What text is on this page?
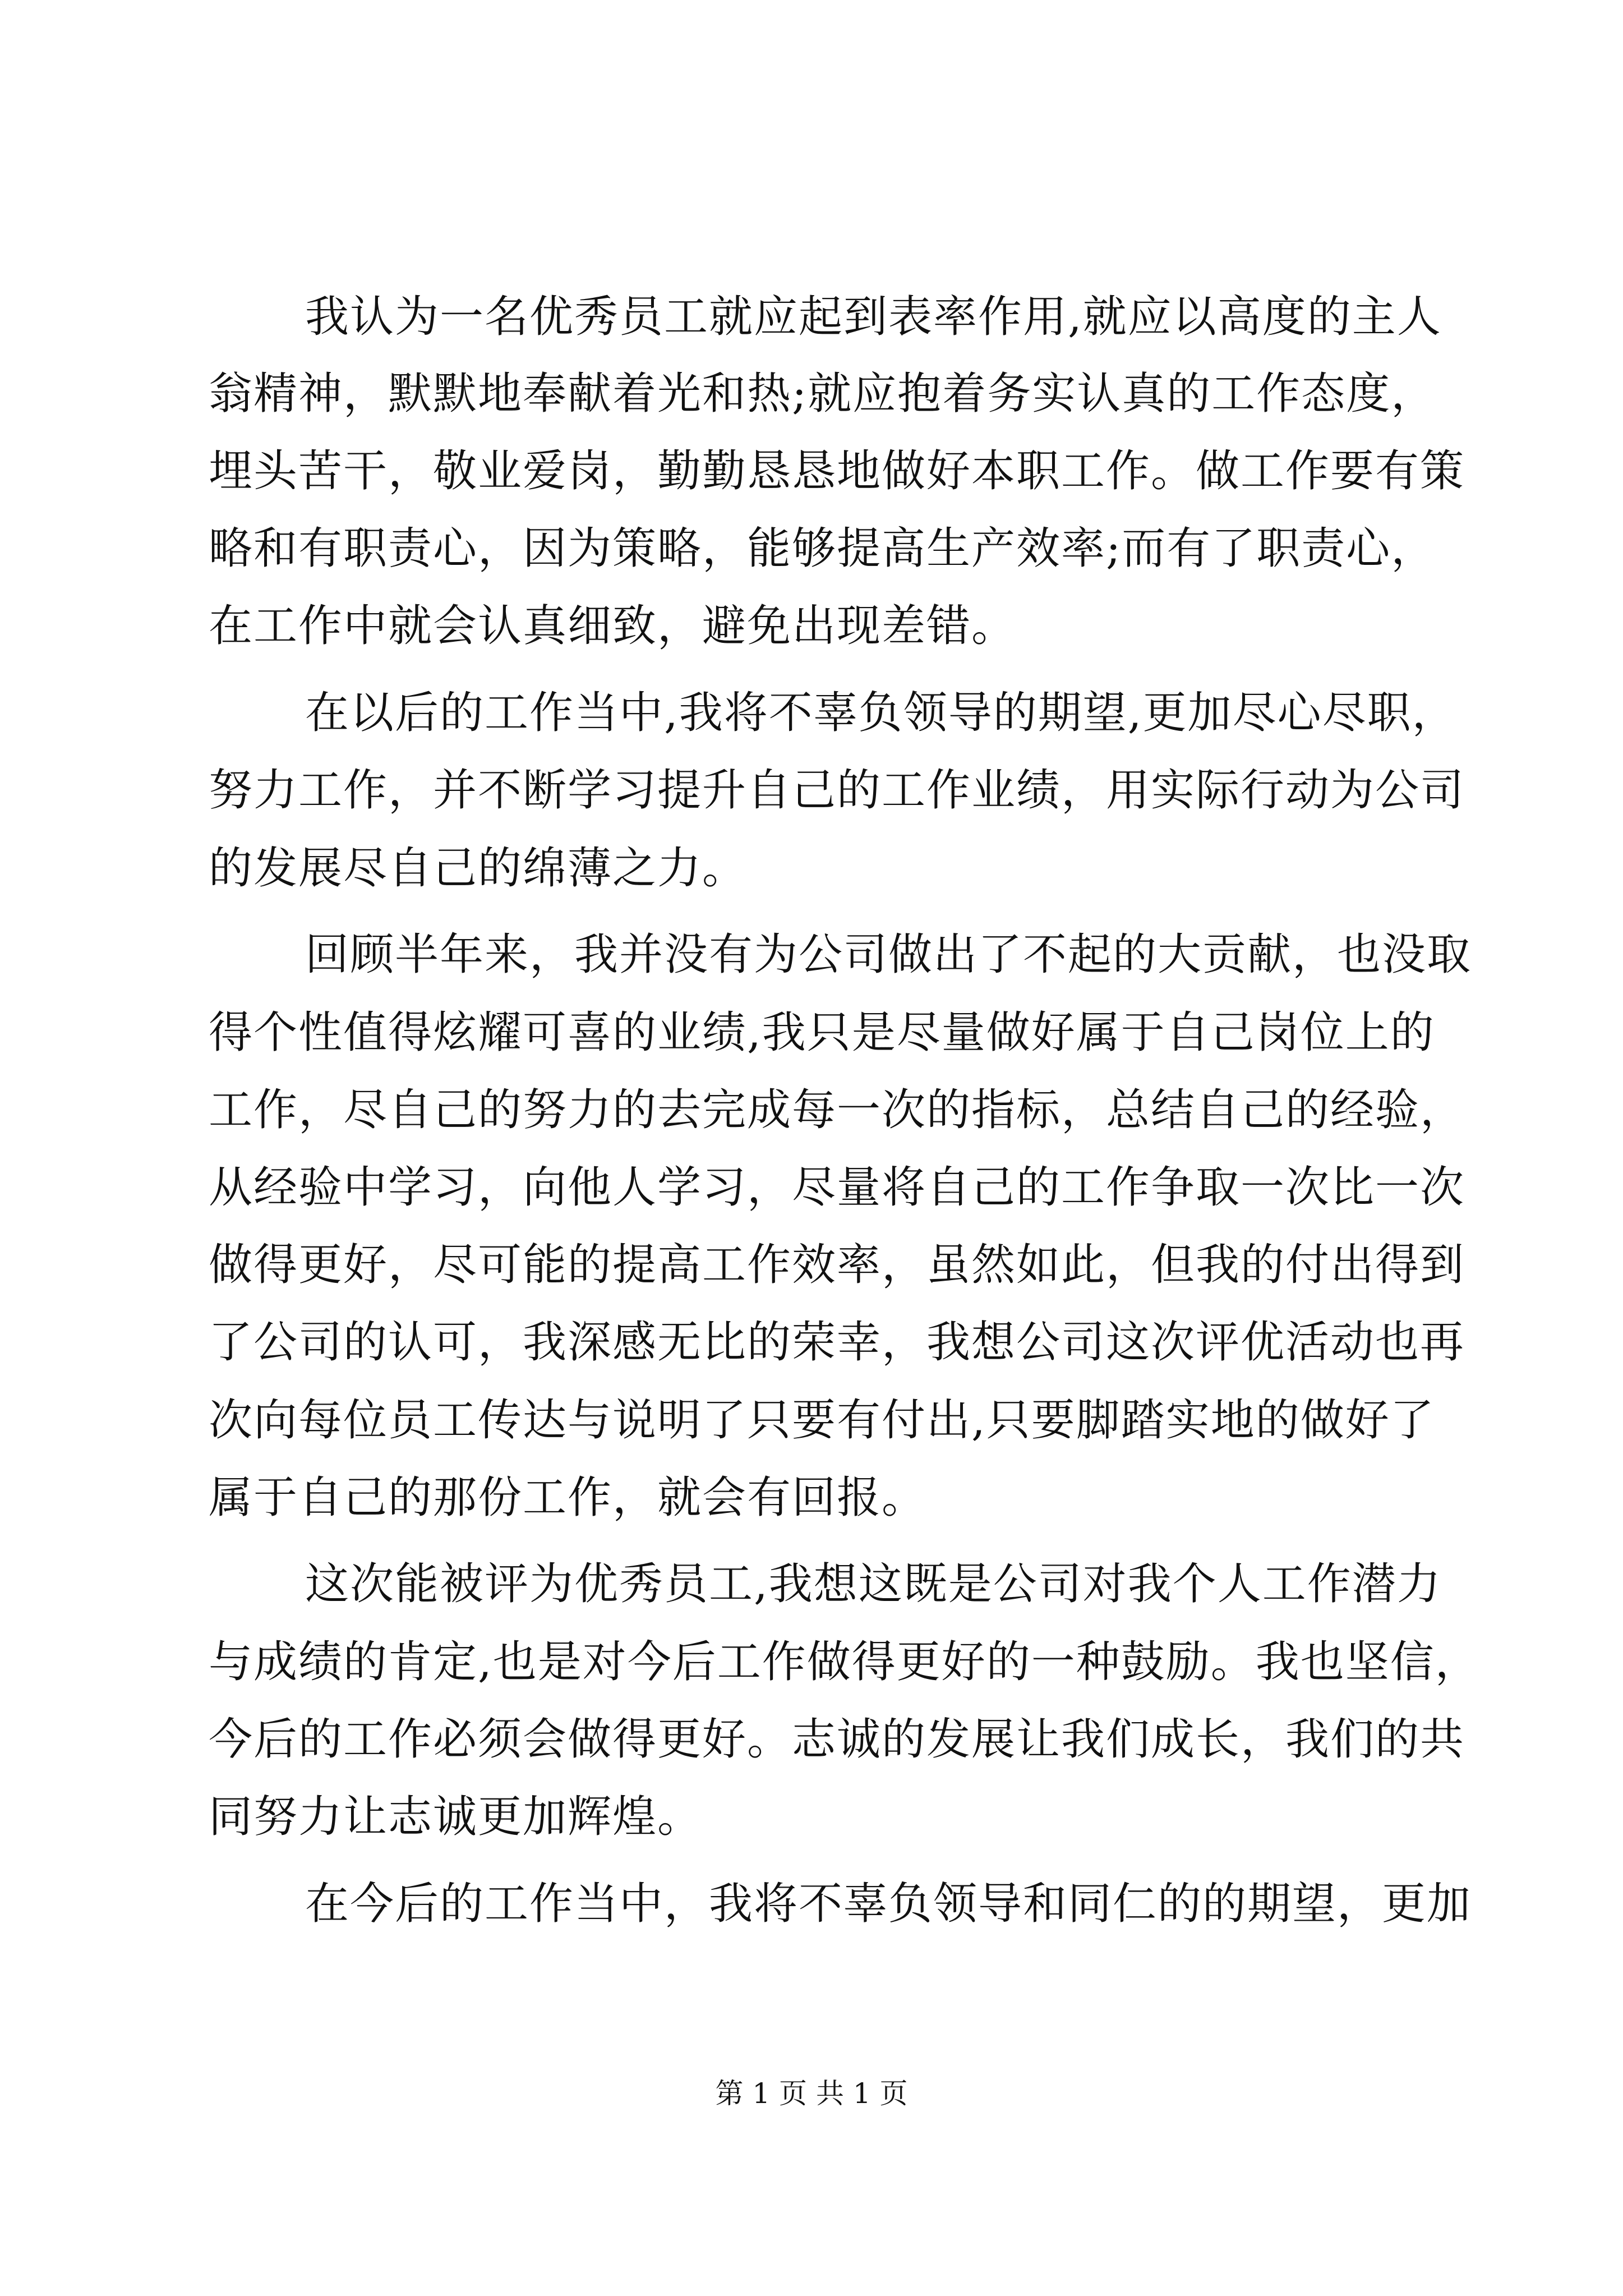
我认为一名优秀员工就应起到表率作用,就应以高度的主人
翁精神，默默地奉献着光和热;就应抱着务实认真的工作态度，
埋头苦干，敬业爱岗，勤勤恳恳地做好本职工作。做工作要有策
略和有职责心，因为策略，能够提高生产效率;而有了职责心，
在工作中就会认真细致，避免出现差错。
在以后的工作当中,我将不辜负领导的期望,更加尽心尽职，
努力工作，并不断学习提升自己的工作业绩，用实际行动为公司
的发展尽自己的绵薄之力。
回顾半年来，我并没有为公司做出了不起的大贡献，也没取
得个性值得炫耀可喜的业绩,我只是尽量做好属于自己岗位上的
工作，尽自己的努力的去完成每一次的指标，总结自己的经验，
从经验中学习，向他人学习，尽量将自己的工作争取一次比一次
做得更好，尽可能的提高工作效率，虽然如此，但我的付出得到
了公司的认可，我深感无比的荣幸，我想公司这次评优活动也再
次向每位员工传达与说明了只要有付出,只要脚踏实地的做好了
属于自己的那份工作，就会有回报。
这次能被评为优秀员工,我想这既是公司对我个人工作潜力
与成绩的肯定,也是对今后工作做得更好的一种鼓励。我也坚信，
今后的工作必须会做得更好。志诚的发展让我们成长，我们的共
同努力让志诚更加辉煌。
在今后的工作当中，我将不辜负领导和同仁的的期望，更加
第 1 页 共 1 页
